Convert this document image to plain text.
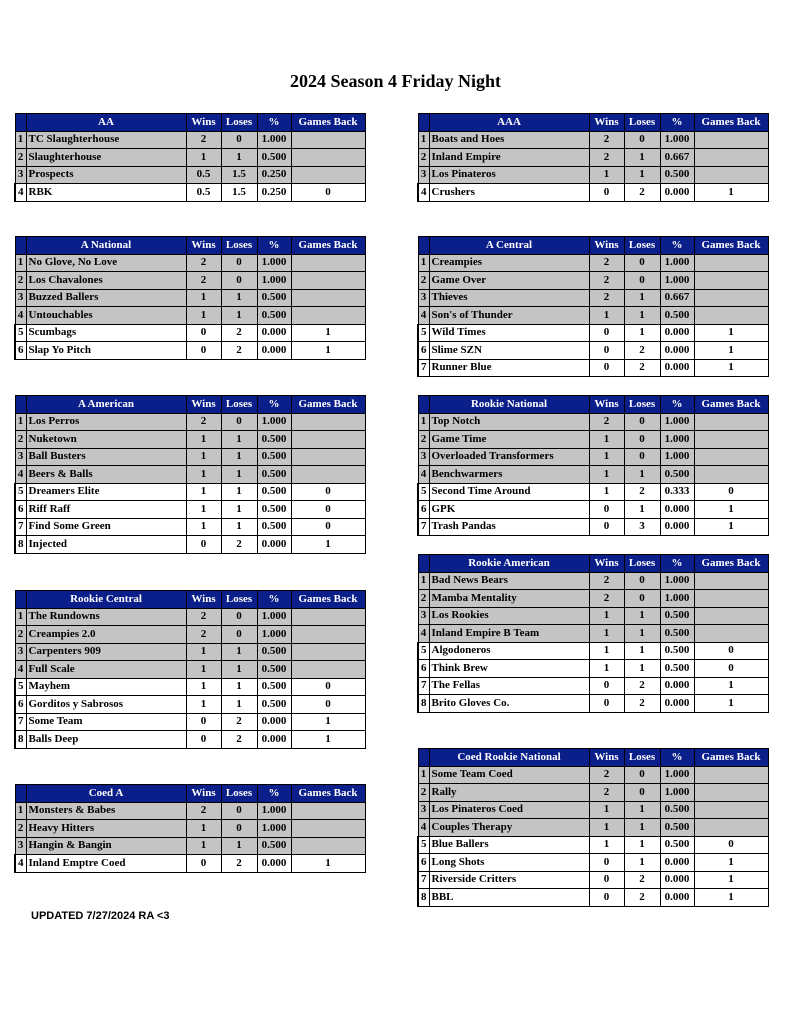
2024 Season 4 Friday Night
	AA	Wins	Loses	%	Games Back
1	TC Slaughterhouse	2	0	1.000	
2	Slaughterhouse	1	1	0.500	
3	Prospects	0.5	1.5	0.250	
4	RBK	0.5	1.5	0.250	0
	AAA	Wins	Loses	%	Games Back
1	Boats and Hoes	2	0	1.000	
2	Inland Empire	2	1	0.667	
3	Los Pinateros	1	1	0.500	
4	Crushers	0	2	0.000	1
	A National	Wins	Loses	%	Games Back
1	No Glove, No Love	2	0	1.000	
2	Los Chavalones	2	0	1.000	
3	Buzzed Ballers	1	1	0.500	
4	Untouchables	1	1	0.500	
5	Scumbags	0	2	0.000	1
6	Slap Yo Pitch	0	2	0.000	1
	A Central	Wins	Loses	%	Games Back
1	Creampies	2	0	1.000	
2	Game Over	2	0	1.000	
3	Thieves	2	1	0.667	
4	Son's of Thunder	1	1	0.500	
5	Wild Times	0	1	0.000	1
6	Slime SZN	0	2	0.000	1
7	Runner Blue	0	2	0.000	1
	A American	Wins	Loses	%	Games Back
1	Los Perros	2	0	1.000	
2	Nuketown	1	1	0.500	
3	Ball Busters	1	1	0.500	
4	Beers & Balls	1	1	0.500	
5	Dreamers Elite	1	1	0.500	0
6	Riff Raff	1	1	0.500	0
7	Find Some Green	1	1	0.500	0
8	Injected	0	2	0.000	1
	Rookie National	Wins	Loses	%	Games Back
1	Top Notch	2	0	1.000	
2	Game Time	1	0	1.000	
3	Overloaded Transformers	1	0	1.000	
4	Benchwarmers	1	1	0.500	
5	Second Time Around	1	2	0.333	0
6	GPK	0	1	0.000	1
7	Trash Pandas	0	3	0.000	1
	Rookie American	Wins	Loses	%	Games Back
1	Bad News Bears	2	0	1.000	
2	Mamba Mentality	2	0	1.000	
3	Los Rookies	1	1	0.500	
4	Inland Empire B Team	1	1	0.500	
5	Algodoneros	1	1	0.500	0
6	Think Brew	1	1	0.500	0
7	The Fellas	0	2	0.000	1
8	Brito Gloves Co.	0	2	0.000	1
	Rookie Central	Wins	Loses	%	Games Back
1	The Rundowns	2	0	1.000	
2	Creampies 2.0	2	0	1.000	
3	Carpenters 909	1	1	0.500	
4	Full Scale	1	1	0.500	
5	Mayhem	1	1	0.500	0
6	Gorditos y Sabrosos	1	1	0.500	0
7	Some Team	0	2	0.000	1
8	Balls Deep	0	2	0.000	1
	Coed Rookie National	Wins	Loses	%	Games Back
1	Some Team Coed	2	0	1.000	
2	Rally	2	0	1.000	
3	Los Pinateros Coed	1	1	0.500	
4	Couples Therapy	1	1	0.500	
5	Blue Ballers	1	1	0.500	0
6	Long Shots	0	1	0.000	1
7	Riverside Critters	0	2	0.000	1
8	BBL	0	2	0.000	1
	Coed A	Wins	Loses	%	Games Back
1	Monsters & Babes	2	0	1.000	
2	Heavy Hitters	1	0	1.000	
3	Hangin & Bangin	1	1	0.500	
4	Inland Emptre Coed	0	2	0.000	1
UPDATED 7/27/2024 RA <3
